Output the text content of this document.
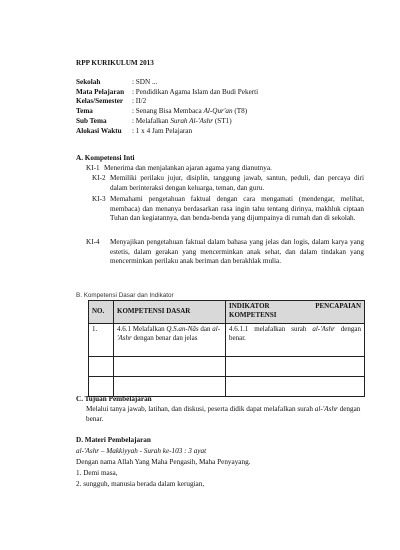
RPP KURIKULUM 2013
Sekolah	: SDN ...
Mata Pelajaran	: Pendidikan Agama Islam dan Budi Pekerti
Kelas/Semester	: II/2
Tema	: Senang Bisa Membaca Al-Qur'an (T8)
Sub Tema	: Melafalkan Surah Al-'Ashr (ST1)
Alokasi Waktu	: 1 x 4 Jam Pelajaran
A. Kompetensi Inti
KI-1 Menerima dan menjalankan ajaran agama yang dianutnya.
KI-2 Memiliki perilaku jujur, disiplin, tanggung jawab, santun, peduli, dan percaya diri dalam berinteraksi dengan keluarga, teman, dan guru.
KI-3 Memahami pengetahuan faktual dengan cara mengamati (mendengar, melihat, membaca) dan menanya berdasarkan rasa ingin tahu tentang dirinya, makhluk ciptaan Tuhan dan kegiatannya, dan benda-benda yang dijumpainya di rumah dan di sekolah.
KI-4 Menyajikan pengetahuan faktual dalam bahasa yang jelas dan logis, dalam karya yang estetis, dalam gerakan yang mencerminkan anak sehat, dan dalam tindakan yang mencerminkan perilaku anak beriman dan berakhlak mulia.
B. Kompetensi Dasar dan Indikator
NO.	KOMPETENSI DASAR	INDIKATOR PENCAPAIAN KOMPETENSI
1.	4.6.1 Melafalkan Q.S.an-Nās dan al-'Ashr dengan benar dan jelas	4.6.1.1 melafalkan surah al-'Ashr dengan benar.

C. Tujuan Pembelajaran
Melalui tanya jawab, latihan, dan diskusi, peserta didik dapat melafalkan surah al-'Ashr dengan benar.
D. Materi Pembelajaran
al-'Ashr – Makkiyyah - Surah ke-103 : 3 ayat
Dengan nama Allah Yang Maha Pengasih, Maha Penyayang.
1. Demi masa,
2. sungguh, manusia berada dalam kerugian,
